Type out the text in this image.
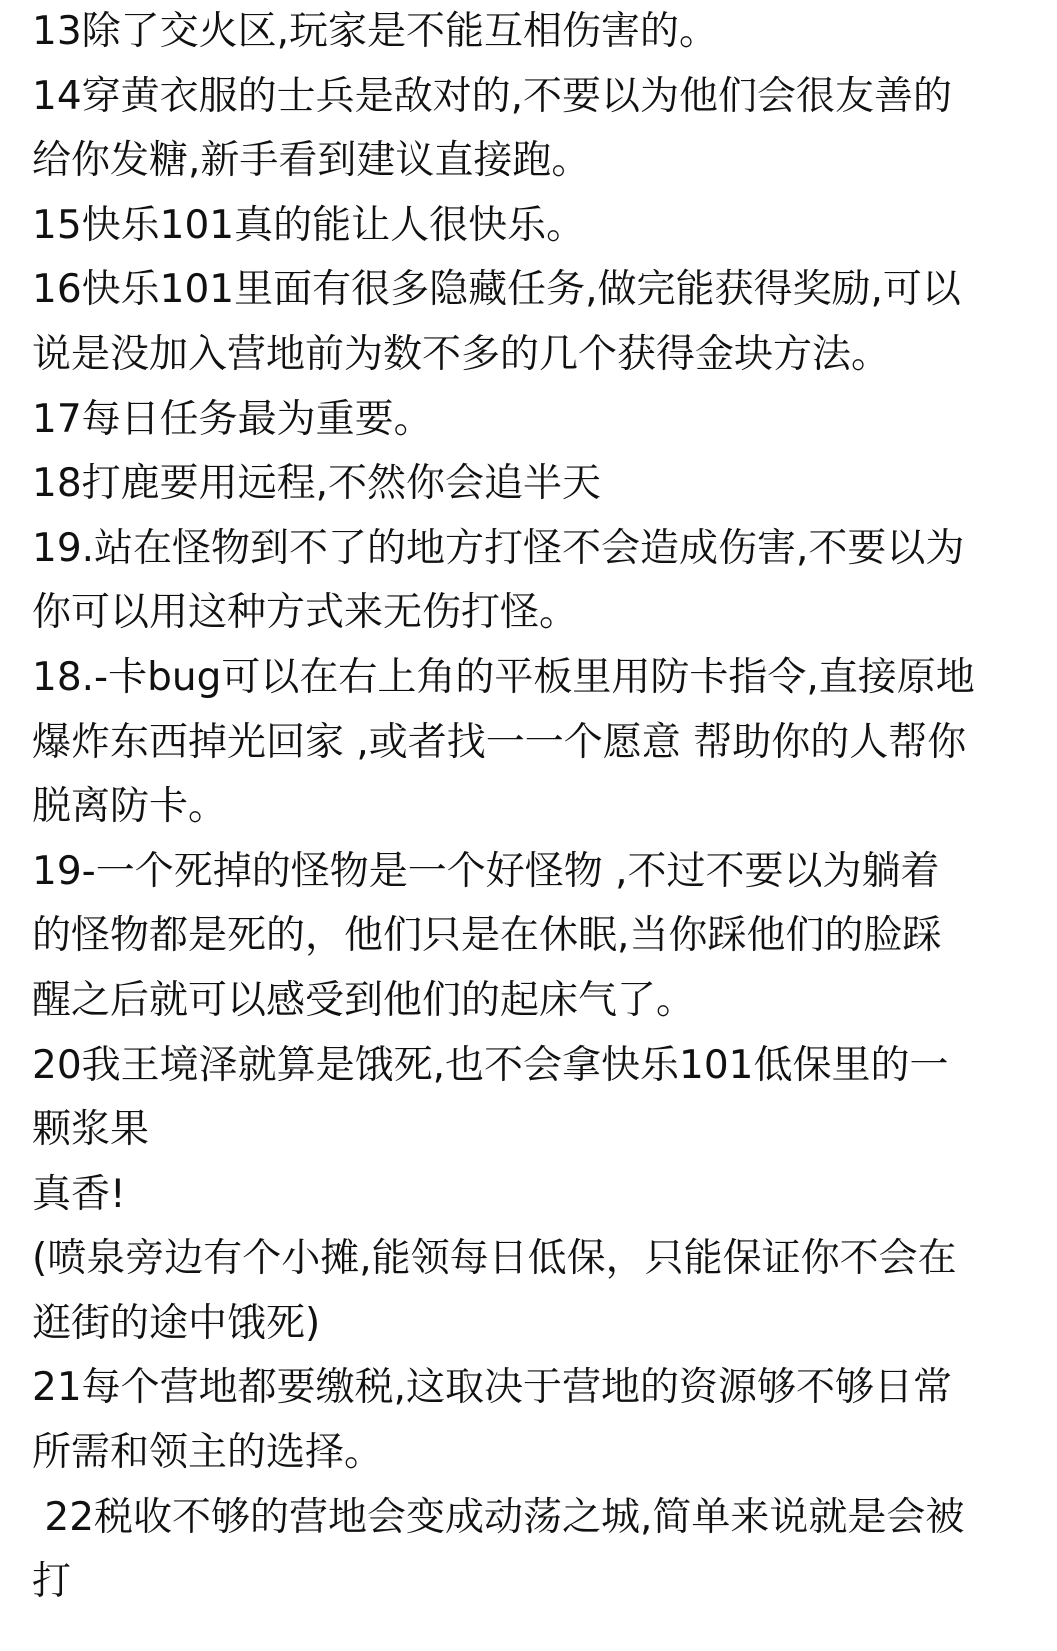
13除了交火区,玩家是不能互相伤害的。
14穿黄衣服的士兵是敌对的,不要以为他们会很友善的
给你发糖,新手看到建议直接跑。
15快乐101真的能让人很快乐。
16快乐101里面有很多隐藏任务,做完能获得奖励,可以
说是没加入营地前为数不多的几个获得金块方法。
17每日任务最为重要。
18打鹿要用远程,不然你会追半天
19.站在怪物到不了的地方打怪不会造成伤害,不要以为
你可以用这种方式来无伤打怪。
18.-卡bug可以在右上角的平板里用防卡指令,直接原地
爆炸东西掉光回家 ,或者找一一个愿意 帮助你的人帮你
脱离防卡。
19-一个死掉的怪物是一个好怪物 ,不过不要以为躺着
的怪物都是死的，他们只是在休眠,当你踩他们的脸踩
醒之后就可以感受到他们的起床气了。
20我王境泽就算是饿死,也不会拿快乐101低保里的一
颗浆果
真香!
(喷泉旁边有个小摊,能领每日低保，只能保证你不会在
逛街的途中饿死)
21每个营地都要缴税,这取决于营地的资源够不够日常
所需和领主的选择。
22税收不够的营地会变成动荡之城,简单来说就是会被
打
